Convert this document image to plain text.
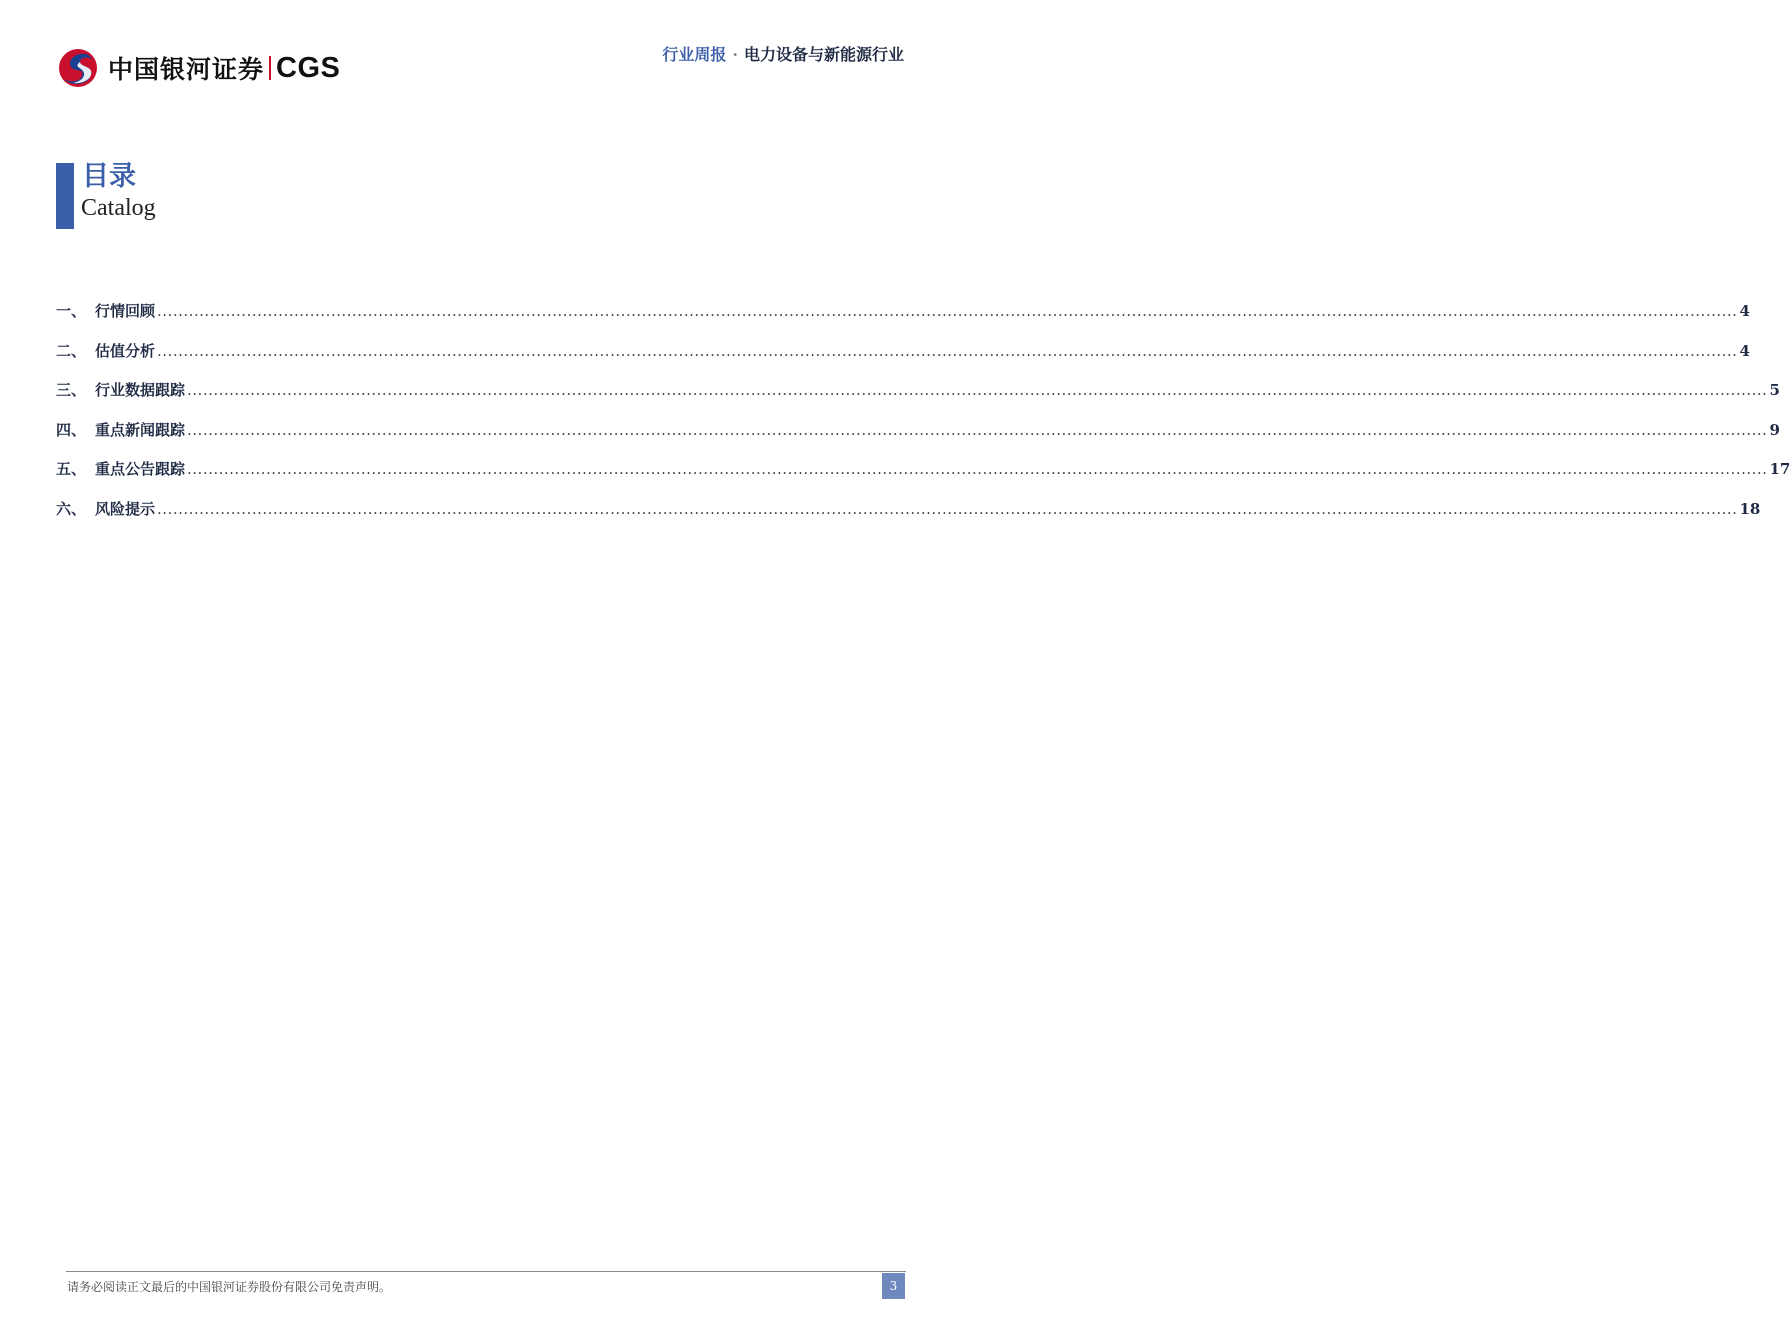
中国银河证券 CGS	行业周报 · 电力设备与新能源行业
目录
Catalog
一、 行情回顾 ............................................................................................................................................................................................................................................................................................................ 4
二、 估值分析 ............................................................................................................................................................................................................................................................................................................ 4
三、 行业数据跟踪 ............................................................................................................................................................................................................................................................................................................ 5
四、 重点新闻跟踪 ............................................................................................................................................................................................................................................................................................................ 9
五、 重点公告跟踪 ............................................................................................................................................................................................................................................................................................................ 17
六、 风险提示 ............................................................................................................................................................................................................................................................................................................ 18
请务必阅读正文最后的中国银河证券股份有限公司免责声明。	3
